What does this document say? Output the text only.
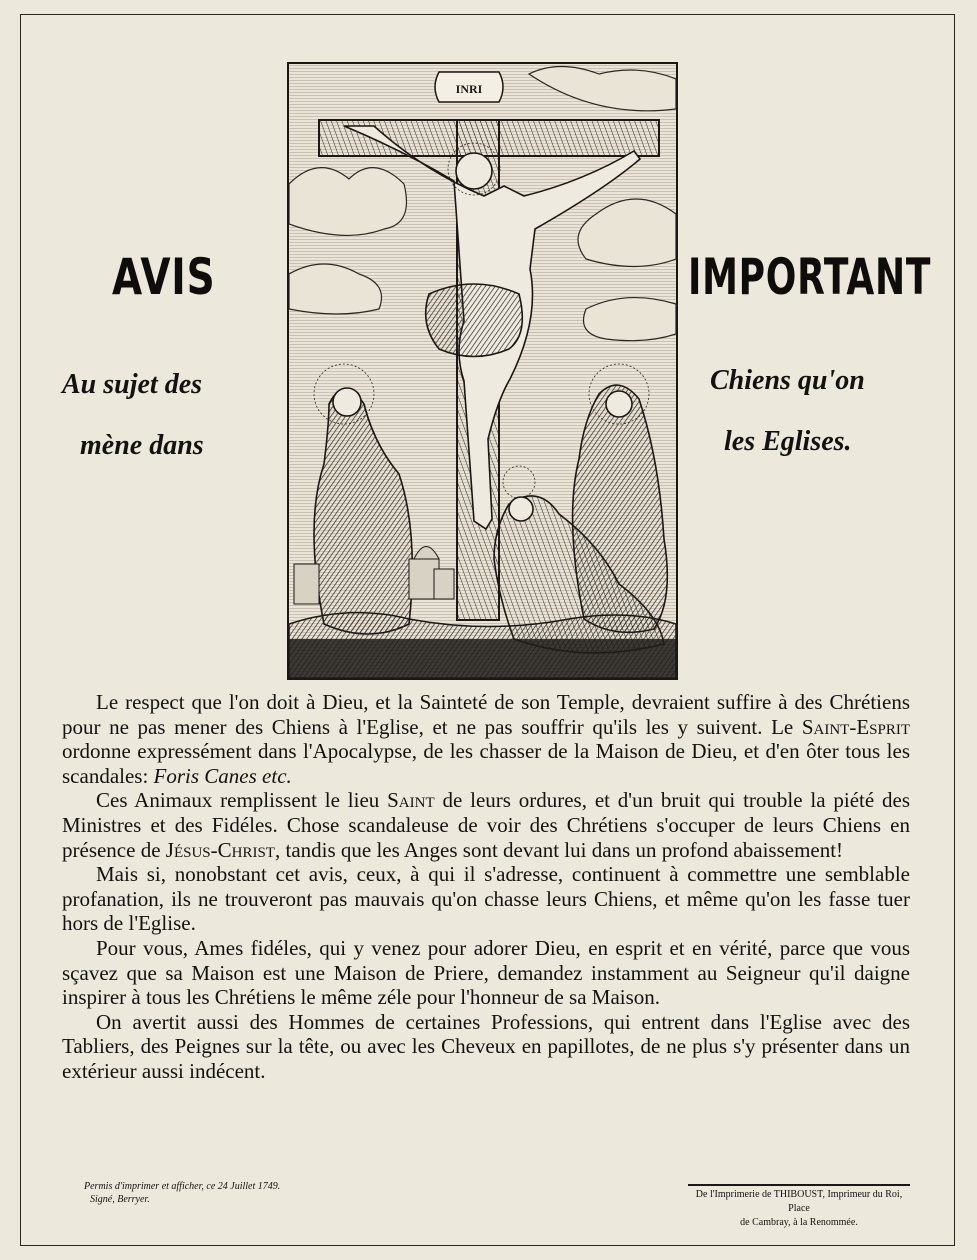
AVIS	IMPORTANT
Au sujet des
mène dans
Chiens qu'on
les Eglises.
INRI

Le respect que l'on doit à Dieu, et la Sainteté de son Temple, devraient suffire à des Chrétiens pour ne pas mener des Chiens à l'Eglise, et ne pas souffrir qu'ils les y suivent. Le Saint-Esprit ordonne expressément dans l'Apocalypse, de les chasser de la Maison de Dieu, et d'en ôter tous les scandales: Foris Canes etc.

Ces Animaux remplissent le lieu Saint de leurs ordures, et d'un bruit qui trouble la piété des Ministres et des Fidéles. Chose scandaleuse de voir des Chrétiens s'occuper de leurs Chiens en présence de Jésus-Christ, tandis que les Anges sont devant lui dans un profond abaissement!

Mais si, nonobstant cet avis, ceux, à qui il s'adresse, continuent à commettre une semblable profanation, ils ne trouveront pas mauvais qu'on chasse leurs Chiens, et même qu'on les fasse tuer hors de l'Eglise.

Pour vous, Ames fidéles, qui y venez pour adorer Dieu, en esprit et en vérité, parce que vous sçavez que sa Maison est une Maison de Priere, demandez instamment au Seigneur qu'il daigne inspirer à tous les Chrétiens le même zéle pour l'honneur de sa Maison.

On avertit aussi des Hommes de certaines Professions, qui entrent dans l'Eglise avec des Tabliers, des Peignes sur la tête, ou avec les Cheveux en papillotes, de ne plus s'y présenter dans un extérieur aussi indécent.

Permis d'imprimer et afficher, ce 24 Juillet 1749.
Signé, Berryer.	De l'Imprimerie de THIBOUST, Imprimeur du Roi, Place
de Cambray, à la Renommée.
